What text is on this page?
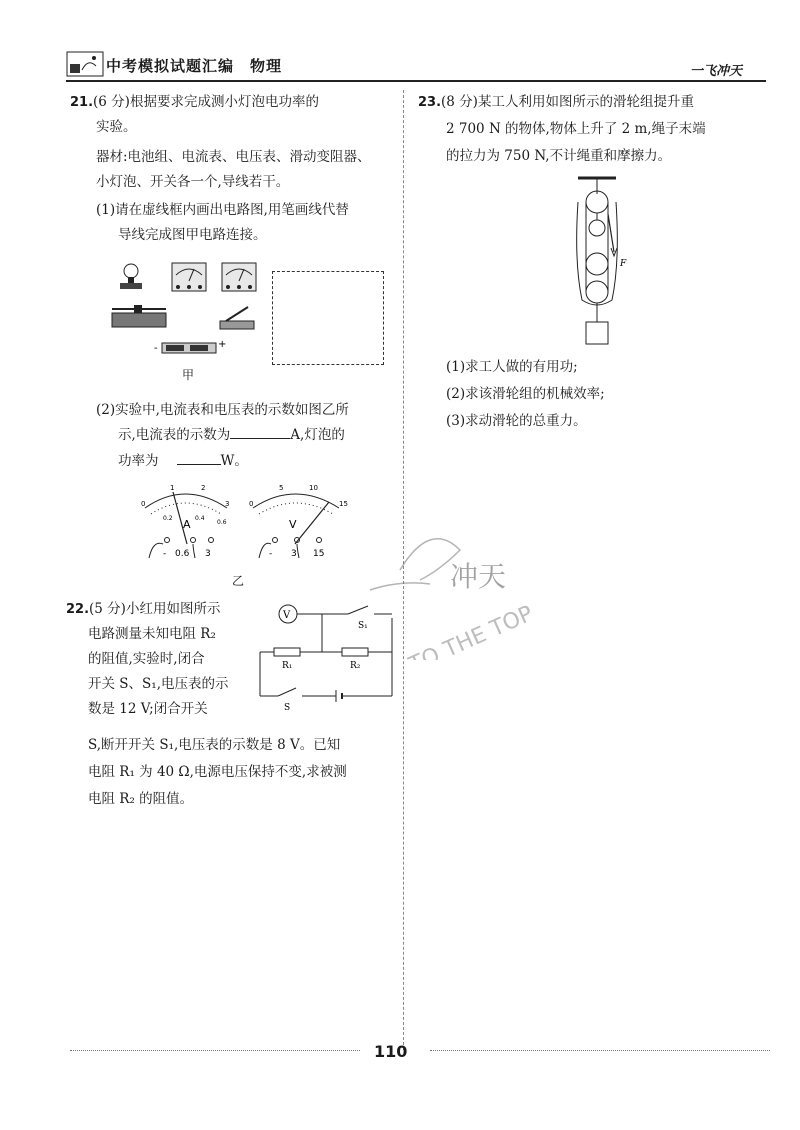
中考模拟试题汇编　物理	一飞冲天
21.(6 分)根据要求完成测小灯泡电功率的
实验。
器材:电池组、电流表、电压表、滑动变阻器、
小灯泡、开关各一个,导线若干。
(1)请在虚线框内画出电路图,用笔画线代替
导线完成图甲电路连接。
-	+
甲
(2)实验中,电流表和电压表的示数如图乙所
示,电流表的示数为	A,灯泡的
功率为	W。
0
1	2
3
0.2	0.4
0.6
A
- 0.6 3
0
5	10
15
V
- 3 15
乙
22.(5 分)小红用如图所示
电路测量未知电阻 R₂
的阻值,实验时,闭合
开关 S、S₁,电压表的示
数是 12 V;闭合开关
S,断开开关 S₁,电压表的示数是 8 V。已知
电阻 R₁ 为 40 Ω,电源电压保持不变,求被测
电阻 R₂ 的阻值。
V
S₁
R₁	R₂
S
23.(8 分)某工人利用如图所示的滑轮组提升重
2 700 N 的物体,物体上升了 2 m,绳子末端
的拉力为 750 N,不计绳重和摩擦力。
F
(1)求工人做的有用功;
(2)求该滑轮组的机械效率;
(3)求动滑轮的总重力。
冲天
TO THE TOP
110
